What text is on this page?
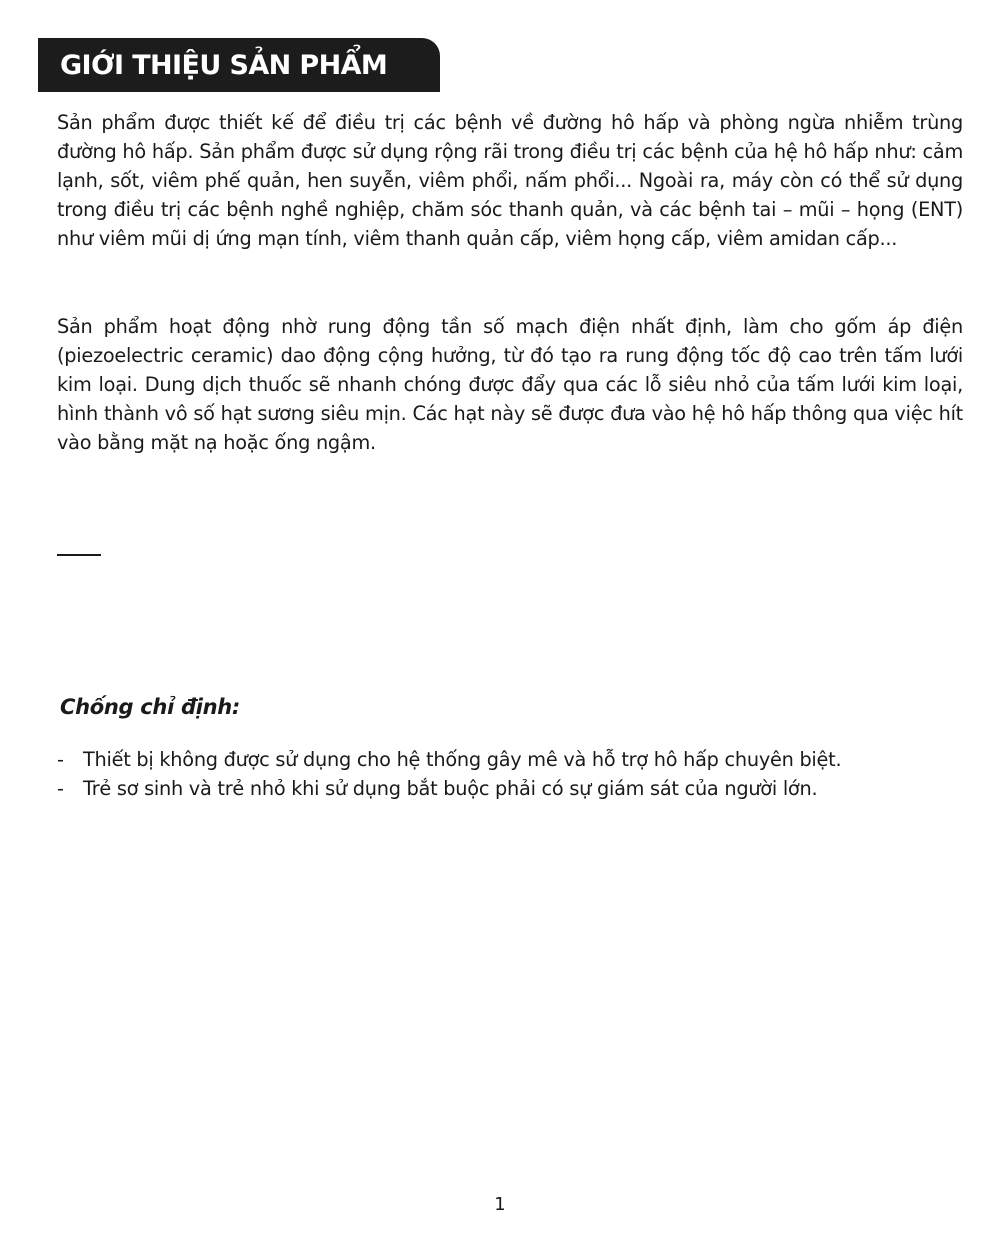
GIỚI THIỆU SẢN PHẨM

Sản phẩm được thiết kế để điều trị các bệnh về đường hô hấp và phòng ngừa nhiễm trùng đường hô hấp. Sản phẩm được sử dụng rộng rãi trong điều trị các bệnh của hệ hô hấp như: cảm lạnh, sốt, viêm phế quản, hen suyễn, viêm phổi, nấm phổi... Ngoài ra, máy còn có thể sử dụng trong điều trị các bệnh nghề nghiệp, chăm sóc thanh quản, và các bệnh tai – mũi – họng (ENT) như viêm mũi dị ứng mạn tính, viêm thanh quản cấp, viêm họng cấp, viêm amidan cấp...

Sản phẩm hoạt động nhờ rung động tần số mạch điện nhất định, làm cho gốm áp điện (piezoelectric ceramic) dao động cộng hưởng, từ đó tạo ra rung động tốc độ cao trên tấm lưới kim loại. Dung dịch thuốc sẽ nhanh chóng được đẩy qua các lỗ siêu nhỏ của tấm lưới kim loại, hình thành vô số hạt sương siêu mịn. Các hạt này sẽ được đưa vào hệ hô hấp thông qua việc hít vào bằng mặt nạ hoặc ống ngậm.

Chống chỉ định:
- Thiết bị không được sử dụng cho hệ thống gây mê và hỗ trợ hô hấp chuyên biệt.
- Trẻ sơ sinh và trẻ nhỏ khi sử dụng bắt buộc phải có sự giám sát của người lớn.
1
